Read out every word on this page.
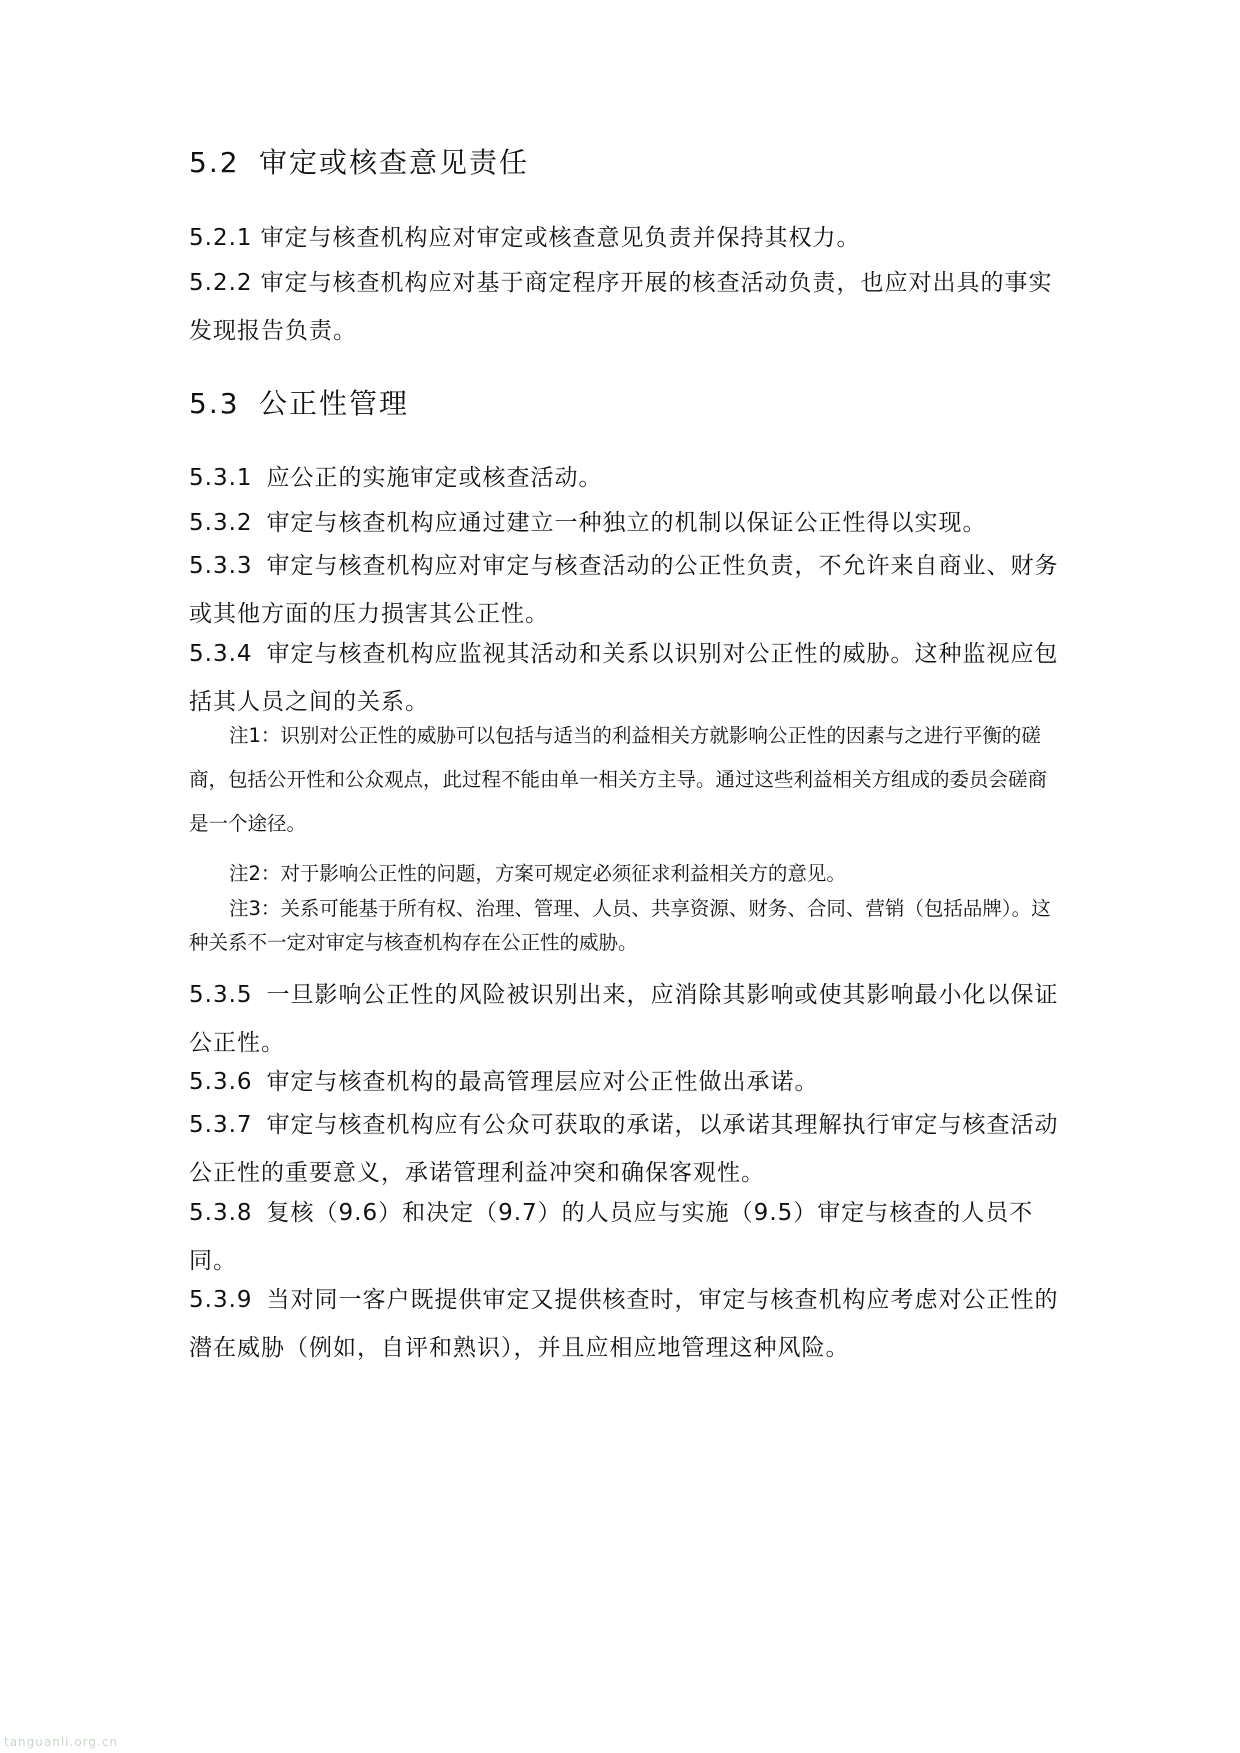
5.2 审定或核查意见责任

5.2.1 审定与核查机构应对审定或核查意见负责并保持其权力。

5.2.2 审定与核查机构应对基于商定程序开展的核查活动负责，也应对出具的事实发现报告负责。

5.3 公正性管理

5.3.1 应公正的实施审定或核查活动。

5.3.2 审定与核查机构应通过建立一种独立的机制以保证公正性得以实现。

5.3.3 审定与核查机构应对审定与核查活动的公正性负责，不允许来自商业、财务或其他方面的压力损害其公正性。

5.3.4 审定与核查机构应监视其活动和关系以识别对公正性的威胁。这种监视应包括其人员之间的关系。

注1：识别对公正性的威胁可以包括与适当的利益相关方就影响公正性的因素与之进行平衡的磋商，包括公开性和公众观点，此过程不能由单一相关方主导。通过这些利益相关方组成的委员会磋商是一个途径。

注2：对于影响公正性的问题，方案可规定必须征求利益相关方的意见。

注3：关系可能基于所有权、治理、管理、人员、共享资源、财务、合同、营销（包括品牌）。这种关系不一定对审定与核查机构存在公正性的威胁。

5.3.5 一旦影响公正性的风险被识别出来，应消除其影响或使其影响最小化以保证公正性。

5.3.6 审定与核查机构的最高管理层应对公正性做出承诺。

5.3.7 审定与核查机构应有公众可获取的承诺，以承诺其理解执行审定与核查活动公正性的重要意义，承诺管理利益冲突和确保客观性。

5.3.8 复核（9.6）和决定（9.7）的人员应与实施（9.5）审定与核查的人员不同。

5.3.9 当对同一客户既提供审定又提供核查时，审定与核查机构应考虑对公正性的潜在威胁（例如，自评和熟识），并且应相应地管理这种风险。

tanguanli.org.cn
